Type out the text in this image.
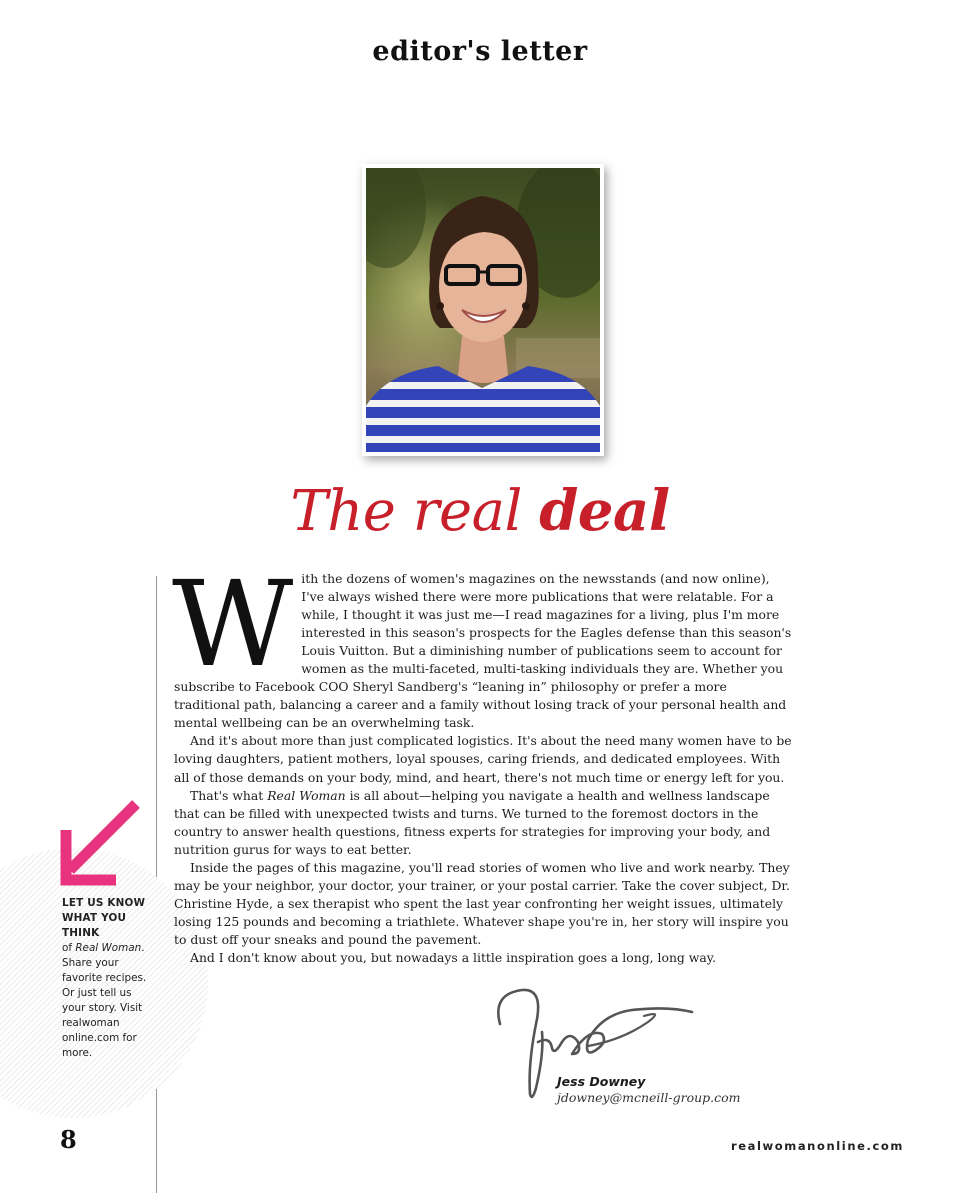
editor's letter
The real deal
LET US KNOW WHAT YOU THINK
of Real Woman. Share your favorite recipes. Or just tell us your story. Visit realwoman online.com for more.

With the dozens of women's magazines on the newsstands (and now online), I've always wished there were more publications that were relatable. For a while, I thought it was just me—I read magazines for a living, plus I'm more interested in this season's prospects for the Eagles defense than this season's Louis Vuitton. But a diminishing number of publications seem to account for women as the multi-faceted, multi-tasking individuals they are. Whether you subscribe to Facebook COO Sheryl Sandberg's “leaning in” philosophy or prefer a more traditional path, balancing a career and a family without losing track of your personal health and mental wellbeing can be an overwhelming task.

And it's about more than just complicated logistics. It's about the need many women have to be loving daughters, patient mothers, loyal spouses, caring friends, and dedicated employees. With all of those demands on your body, mind, and heart, there's not much time or energy left for you.

That's what Real Woman is all about—helping you navigate a health and wellness landscape that can be filled with unexpected twists and turns. We turned to the foremost doctors in the country to answer health questions, fitness experts for strategies for improving your body, and nutrition gurus for ways to eat better.

Inside the pages of this magazine, you'll read stories of women who live and work nearby. They may be your neighbor, your doctor, your trainer, or your postal carrier. Take the cover subject, Dr. Christine Hyde, a sex therapist who spent the last year confronting her weight issues, ultimately losing 125 pounds and becoming a triathlete. Whatever shape you're in, her story will inspire you to dust off your sneaks and pound the pavement.

And I don't know about you, but nowadays a little inspiration goes a long, long way.

Jess Downey
jdowney@mcneill-group.com
8	realwomanonline.com
